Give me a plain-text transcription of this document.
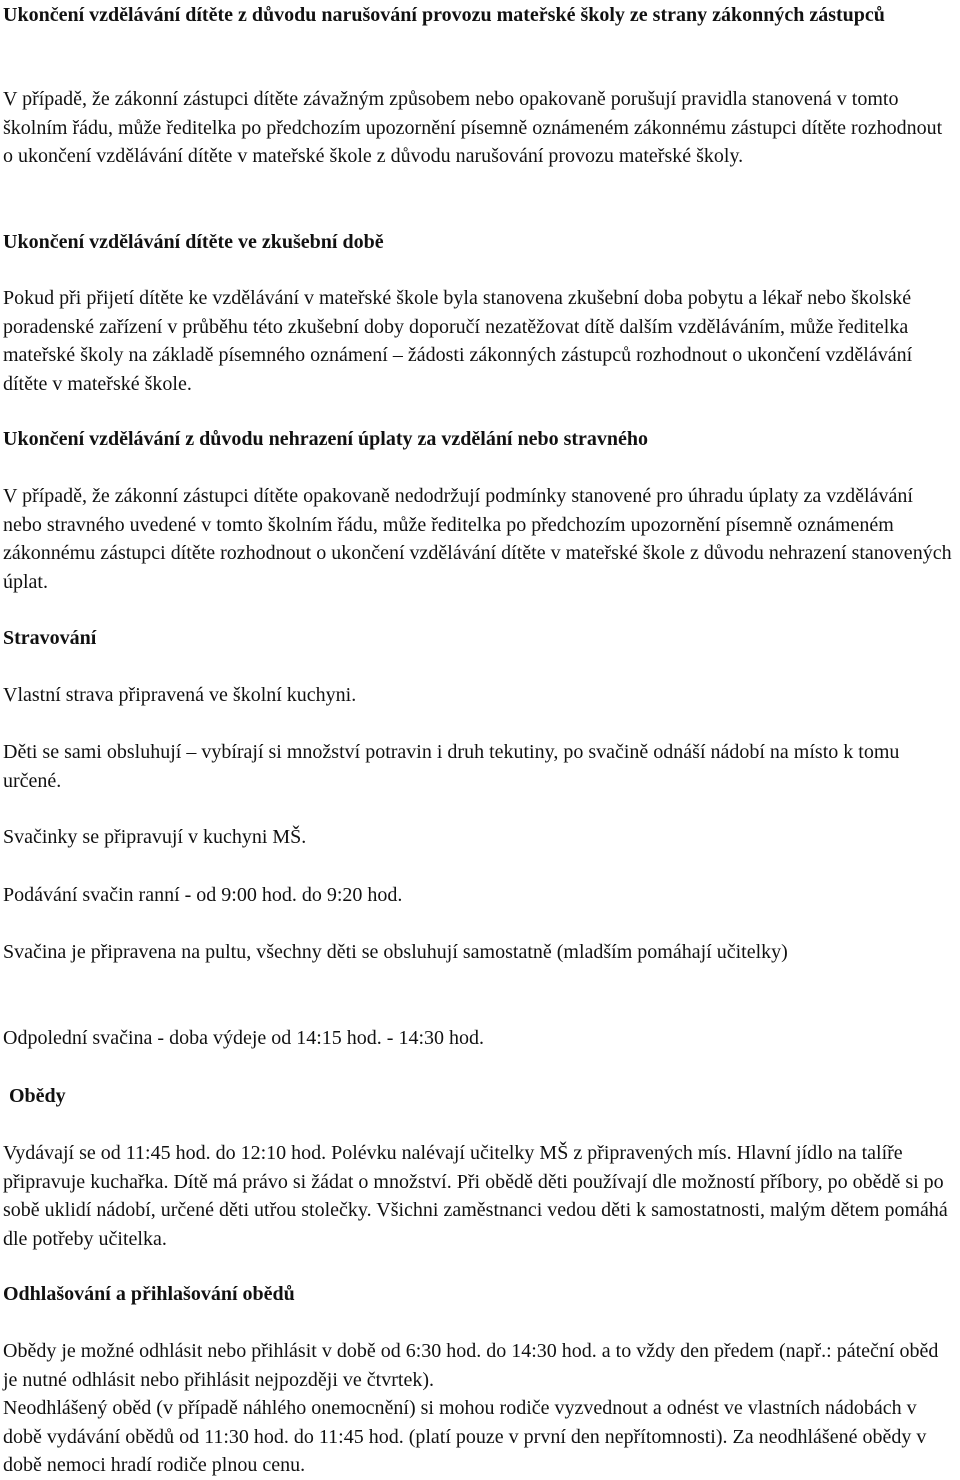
Ukončení vzdělávání dítěte z důvodu narušování provozu mateřské školy ze strany zákonných zástupců

V případě, že zákonní zástupci dítěte závažným způsobem nebo opakovaně porušují pravidla stanovená v tomto školním řádu, může ředitelka po předchozím upozornění písemně oznámeném zákonnému zástupci dítěte rozhodnout o ukončení vzdělávání dítěte v mateřské škole z důvodu narušování provozu mateřské školy.

Ukončení vzdělávání dítěte ve zkušební době

Pokud při přijetí dítěte ke vzdělávání v mateřské škole byla stanovena zkušební doba pobytu a lékař nebo školské poradenské zařízení v průběhu této zkušební doby doporučí nezatěžovat dítě dalším vzděláváním, může ředitelka mateřské školy na základě písemného oznámení – žádosti zákonných zástupců rozhodnout o ukončení vzdělávání dítěte v mateřské škole.

Ukončení vzdělávání z důvodu nehrazení úplaty za vzdělání nebo stravného

V případě, že zákonní zástupci dítěte opakovaně nedodržují podmínky stanovené pro úhradu úplaty za vzdělávání nebo stravného uvedené v tomto školním řádu, může ředitelka po předchozím upozornění písemně oznámeném zákonnému zástupci dítěte rozhodnout o ukončení vzdělávání dítěte v mateřské škole z důvodu nehrazení stanovených úplat.

Stravování

Vlastní strava připravená ve školní kuchyni.

Děti se sami obsluhují – vybírají si množství potravin i druh tekutiny, po svačině odnáší nádobí na místo k tomu určené.

Svačinky se připravují v kuchyni MŠ.

Podávání svačin ranní - od 9:00 hod. do 9:20 hod.

Svačina je připravena na pultu, všechny děti se obsluhují samostatně (mladším pomáhají učitelky)

Odpolední svačina - doba výdeje od 14:15 hod. - 14:30 hod.

Obědy

Vydávají se od 11:45 hod. do 12:10 hod. Polévku nalévají učitelky MŠ z připravených mís. Hlavní jídlo na talíře připravuje kuchařka. Dítě má právo si žádat o množství. Při obědě děti používají dle možností příbory, po obědě si po sobě uklidí nádobí, určené děti utřou stolečky. Všichni zaměstnanci vedou děti k samostatnosti, malým dětem pomáhá dle potřeby učitelka.

Odhlašování a přihlašování obědů

Obědy je možné odhlásit nebo přihlásit v době od 6:30 hod. do 14:30 hod. a to vždy den předem (např.: páteční oběd je nutné odhlásit nebo přihlásit nejpozději ve čtvrtek).

Neodhlášený oběd (v případě náhlého onemocnění) si mohou rodiče vyzvednout a odnést ve vlastních nádobách v době vydávání obědů od 11:30 hod. do 11:45 hod. (platí pouze v první den nepřítomnosti). Za neodhlášené obědy v době nemoci hradí rodiče plnou cenu.
